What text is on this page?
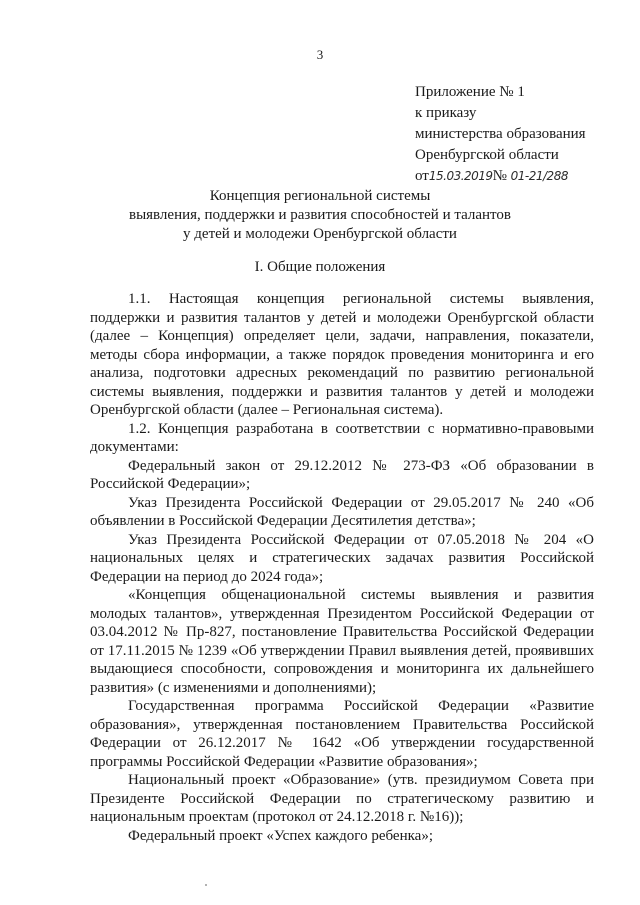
3
Приложение № 1
к приказу
министерства образования
Оренбургской области
от15.03.2019№ 01-21/288
Концепция региональной системы
выявления, поддержки и развития способностей и талантов
у детей и молодежи Оренбургской области
I. Общие положения

1.1. Настоящая концепция региональной системы выявления, поддержки и развития талантов у детей и молодежи Оренбургской области (далее – Концепция) определяет цели, задачи, направления, показатели, методы сбора информации, а также порядок проведения мониторинга и его анализа, подготовки адресных рекомендаций по развитию региональной системы выявления, поддержки и развития талантов у детей и молодежи Оренбургской области (далее – Региональная система).

1.2. Концепция разработана в соответствии с нормативно-правовыми документами:

Федеральный закон от 29.12.2012 № 273-ФЗ «Об образовании в Российской Федерации»;

Указ Президента Российской Федерации от 29.05.2017 № 240 «Об объявлении в Российской Федерации Десятилетия детства»;

Указ Президента Российской Федерации от 07.05.2018 № 204 «О национальных целях и стратегических задачах развития Российской Федерации на период до 2024 года»;

«Концепция общенациональной системы выявления и развития молодых талантов», утвержденная Президентом Российской Федерации от 03.04.2012 № Пр-827, постановление Правительства Российской Федерации от 17.11.2015 № 1239 «Об утверждении Правил выявления детей, проявивших выдающиеся способности, сопровождения и мониторинга их дальнейшего развития» (с изменениями и дополнениями);

Государственная программа Российской Федерации «Развитие образования», утвержденная постановлением Правительства Российской Федерации от 26.12.2017 № 1642 «Об утверждении государственной программы Российской Федерации «Развитие образования»;

Национальный проект «Образование» (утв. президиумом Совета при Президенте Российской Федерации по стратегическому развитию и национальным проектам (протокол от 24.12.2018 г. №16));

Федеральный проект «Успех каждого ребенка»;
